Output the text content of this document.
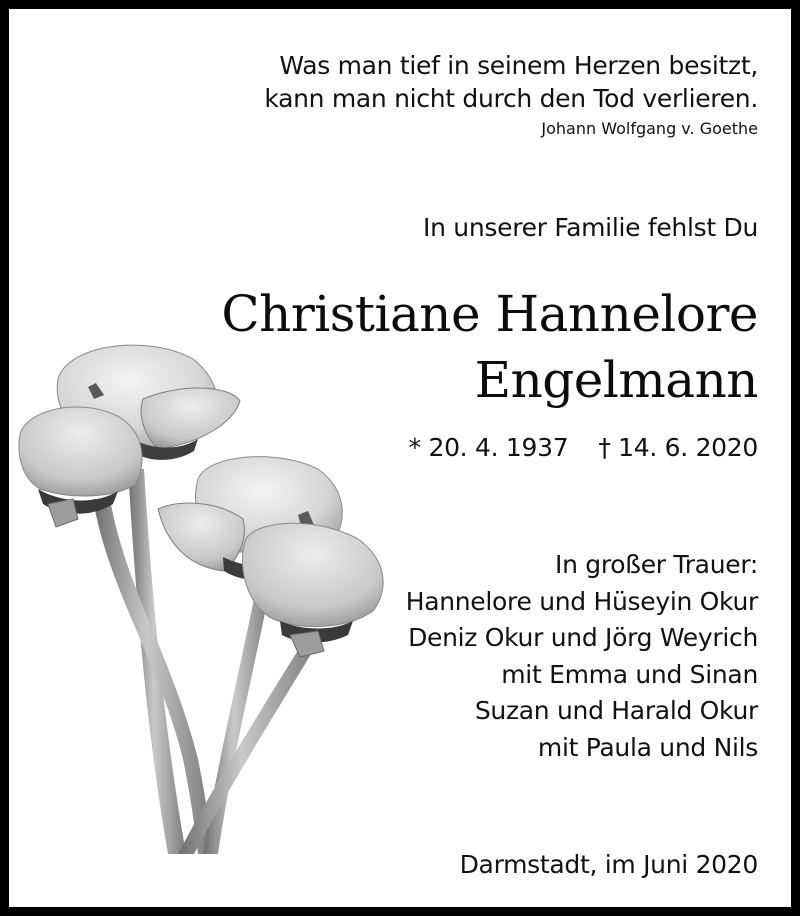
Was man tief in seinem Herzen besitzt,
kann man nicht durch den Tod verlieren.
Johann Wolfgang v. Goethe
In unserer Familie fehlst Du
Christiane Hannelore
Engelmann
* 20. 4. 1937 † 14. 6. 2020
In großer Trauer:
Hannelore und Hüseyin Okur
Deniz Okur und Jörg Weyrich
mit Emma und Sinan
Suzan und Harald Okur
mit Paula und Nils
Darmstadt, im Juni 2020
